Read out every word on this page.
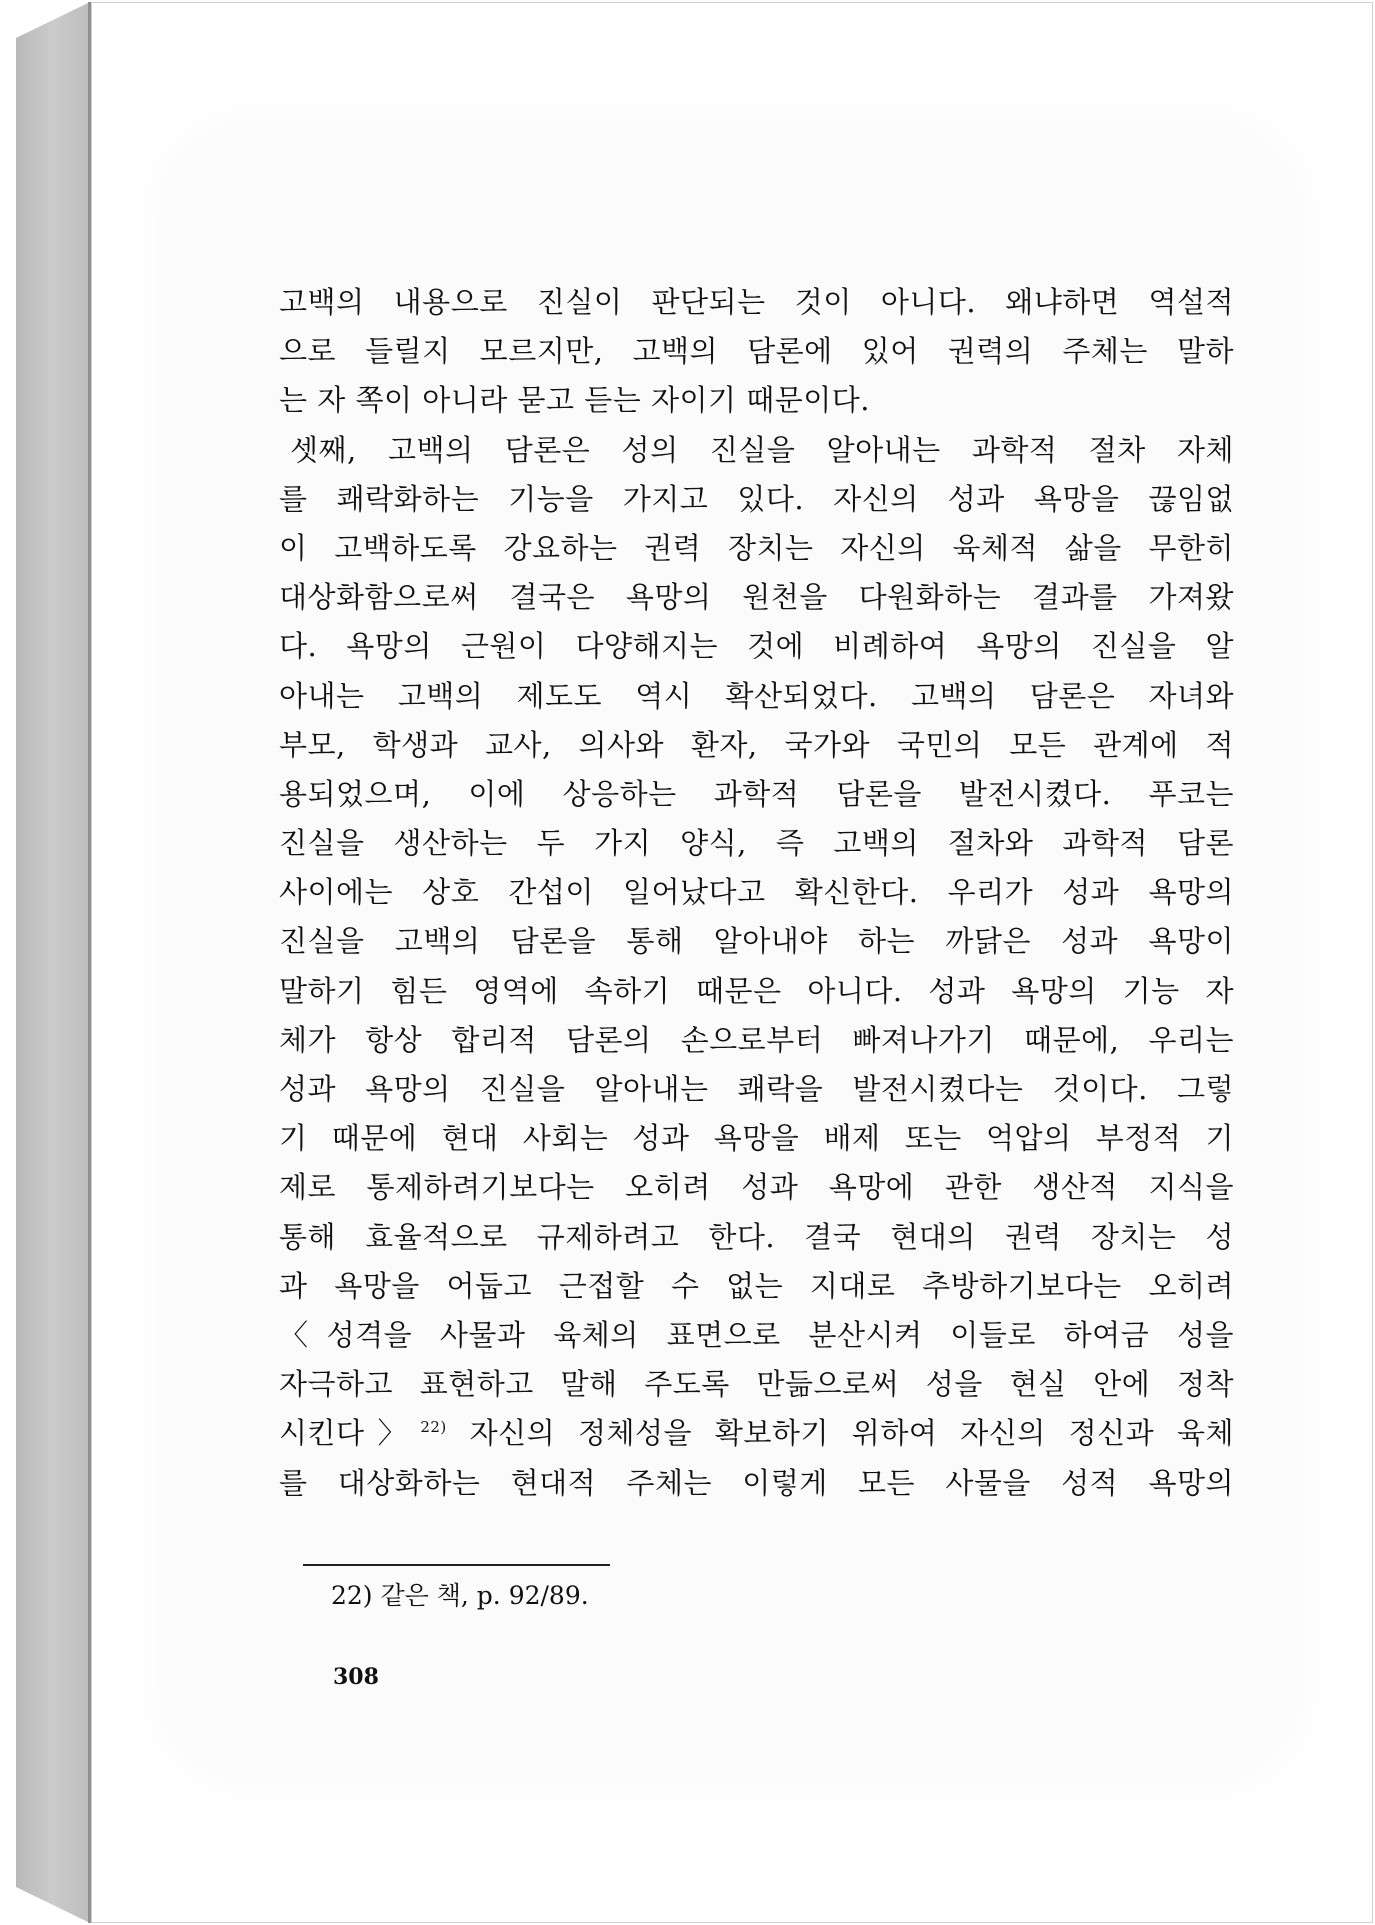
고백의 내용으로 진실이 판단되는 것이 아니다. 왜냐하면 역설적
으로 들릴지 모르지만, 고백의 담론에 있어 권력의 주체는 말하
는 자 쪽이 아니라 묻고 듣는 자이기 때문이다.
셋째, 고백의 담론은 성의 진실을 알아내는 과학적 절차 자체
를 쾌락화하는 기능을 가지고 있다. 자신의 성과 욕망을 끊임없
이 고백하도록 강요하는 권력 장치는 자신의 육체적 삶을 무한히
대상화함으로써 결국은 욕망의 원천을 다원화하는 결과를 가져왔
다. 욕망의 근원이 다양해지는 것에 비례하여 욕망의 진실을 알
아내는 고백의 제도도 역시 확산되었다. 고백의 담론은 자녀와
부모, 학생과 교사, 의사와 환자, 국가와 국민의 모든 관계에 적
용되었으며, 이에 상응하는 과학적 담론을 발전시켰다. 푸코는
진실을 생산하는 두 가지 양식, 즉 고백의 절차와 과학적 담론
사이에는 상호 간섭이 일어났다고 확신한다. 우리가 성과 욕망의
진실을 고백의 담론을 통해 알아내야 하는 까닭은 성과 욕망이
말하기 힘든 영역에 속하기 때문은 아니다. 성과 욕망의 기능 자
체가 항상 합리적 담론의 손으로부터 빠져나가기 때문에, 우리는
성과 욕망의 진실을 알아내는 쾌락을 발전시켰다는 것이다. 그렇
기 때문에 현대 사회는 성과 욕망을 배제 또는 억압의 부정적 기
제로 통제하려기보다는 오히려 성과 욕망에 관한 생산적 지식을
통해 효율적으로 규제하려고 한다. 결국 현대의 권력 장치는 성
과 욕망을 어둡고 근접할 수 없는 지대로 추방하기보다는 오히려
〈성격을 사물과 육체의 표면으로 분산시켜 이들로 하여금 성을
자극하고 표현하고 말해 주도록 만듦으로써 성을 현실 안에 정착
시킨다〉$^{22)}$ 자신의 정체성을 확보하기 위하여 자신의 정신과 육체
를 대상화하는 현대적 주체는 이렇게 모든 사물을 성적 욕망의
22) 같은 책, p. 92/89.
308
